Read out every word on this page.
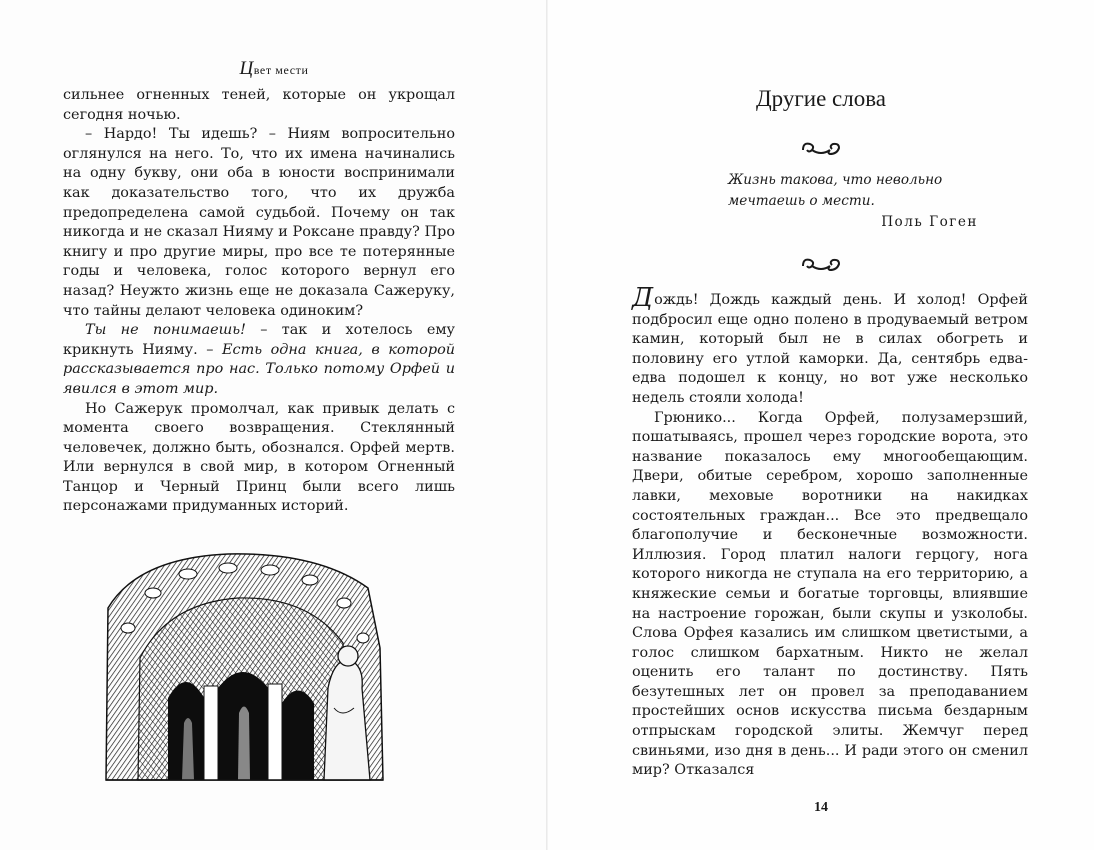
Цвет мести

сильнее огненных теней, которые он укрощал сегодня ночью.

– Нардо! Ты идешь? – Ниям вопросительно оглянулся на него. То, что их имена начинались на одну букву, они оба в юности воспринимали как доказательство того, что их дружба предопределена самой судьбой. Почему он так никогда и не сказал Нияму и Роксане правду? Про книгу и про другие миры, про все те потерянные годы и человека, голос которого вернул его назад? Неужто жизнь еще не доказала Сажеруку, что тайны делают человека одиноким?

Ты не понимаешь! – так и хотелось ему крикнуть Нияму. – Есть одна книга, в которой рассказывается про нас. Только потому Орфей и явился в этот мир.

Но Сажерук промолчал, как привык делать с момента своего возвращения. Стеклянный человечек, должно быть, обознался. Орфей мертв. Или вернулся в свой мир, в котором Огненный Танцор и Черный Принц были всего лишь персонажами придуманных историй.

Другие слова
Жизнь такова, что невольно мечтаешь о мести.
Поль Гоген

Дождь! Дождь каждый день. И холод! Орфей подбросил еще одно полено в продуваемый ветром камин, который был не в силах обогреть и половину его утлой каморки. Да, сентябрь едва-едва подошел к концу, но вот уже несколько недель стояли холода!

Грюнико... Когда Орфей, полузамерзший, пошатываясь, прошел через городские ворота, это название показалось ему многообещающим. Двери, обитые серебром, хорошо заполненные лавки, меховые воротники на накидках состоятельных граждан... Все это предвещало благополучие и бесконечные возможности. Иллюзия. Город платил налоги герцогу, нога которого никогда не ступала на его территорию, а княжеские семьи и богатые торговцы, влиявшие на настроение горожан, были скупы и узколобы. Слова Орфея казались им слишком цветистыми, а голос слишком бархатным. Никто не желал оценить его талант по достинству. Пять безутешных лет он провел за преподаванием простейших основ искусства письма бездарным отпрыскам городской элиты. Жемчуг перед свиньями, изо дня в день... И ради этого он сменил мир? Отказался

14
